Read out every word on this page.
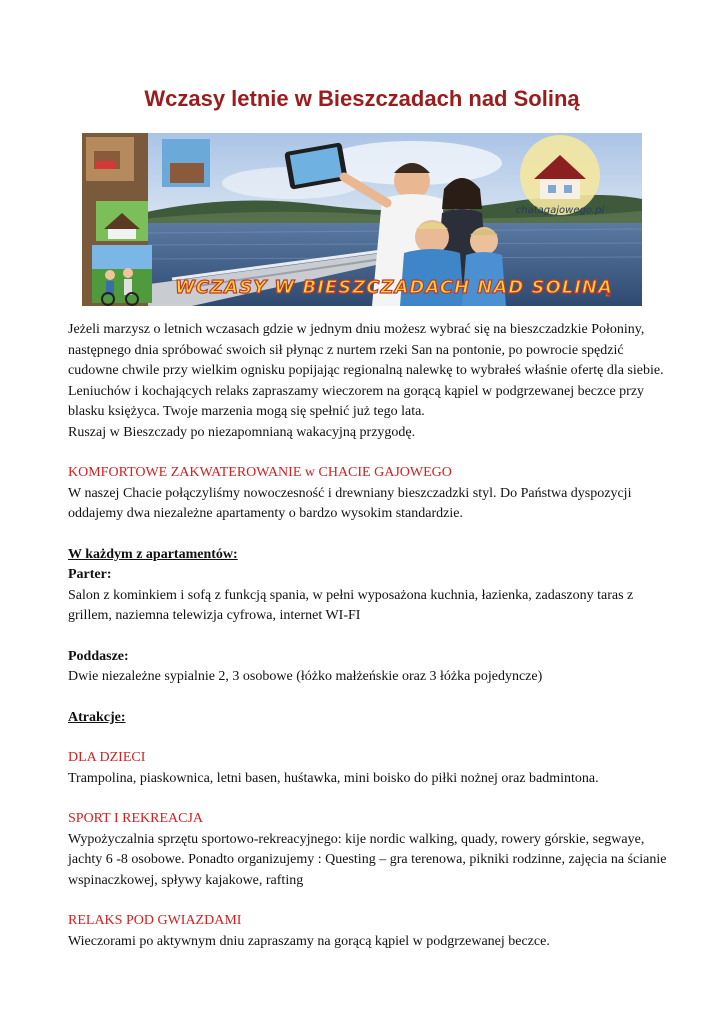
Wczasy letnie w Bieszczadach nad Soliną
chatagajowego.pl
WCZASY W BIESZCZADACH NAD SOLINĄ

Jeżeli marzysz o letnich wczasach gdzie w jednym dniu możesz wybrać się na bieszczadzkie Połoniny, następnego dnia spróbować swoich sił płynąc z nurtem rzeki San na pontonie, po powrocie spędzić cudowne chwile przy wielkim ognisku popijając regionalną nalewkę to wybrałeś właśnie ofertę dla siebie.

Leniuchów i kochających relaks zapraszamy wieczorem na gorącą kąpiel w podgrzewanej beczce przy blasku księżyca. Twoje marzenia mogą się spełnić już tego lata.

Ruszaj w Bieszczady po niezapomnianą wakacyjną przygodę.

KOMFORTOWE ZAKWATEROWANIE w CHACIE GAJOWEGO

W naszej Chacie połączyliśmy nowoczesność i drewniany bieszczadzki styl. Do Państwa dyspozycji oddajemy dwa niezależne apartamenty o bardzo wysokim standardzie.

W każdym z apartamentów:

Parter:

Salon z kominkiem i sofą z funkcją spania, w pełni wyposażona kuchnia, łazienka, zadaszony taras z grillem, naziemna telewizja cyfrowa, internet WI-FI

Poddasze:

Dwie niezależne sypialnie 2, 3 osobowe (łóżko małżeńskie oraz 3 łóżka pojedyncze)

Atrakcje:

DLA DZIECI

Trampolina, piaskownica, letni basen, huśtawka, mini boisko do piłki nożnej oraz badmintona.

SPORT I REKREACJA

Wypożyczalnia sprzętu sportowo-rekreacyjnego: kije nordic walking, quady, rowery górskie, segwaye, jachty 6 -8 osobowe. Ponadto organizujemy : Questing – gra terenowa, pikniki rodzinne, zajęcia na ścianie wspinaczkowej, spływy kajakowe, rafting

RELAKS POD GWIAZDAMI

Wieczorami po aktywnym dniu zapraszamy na gorącą kąpiel w podgrzewanej beczce.
